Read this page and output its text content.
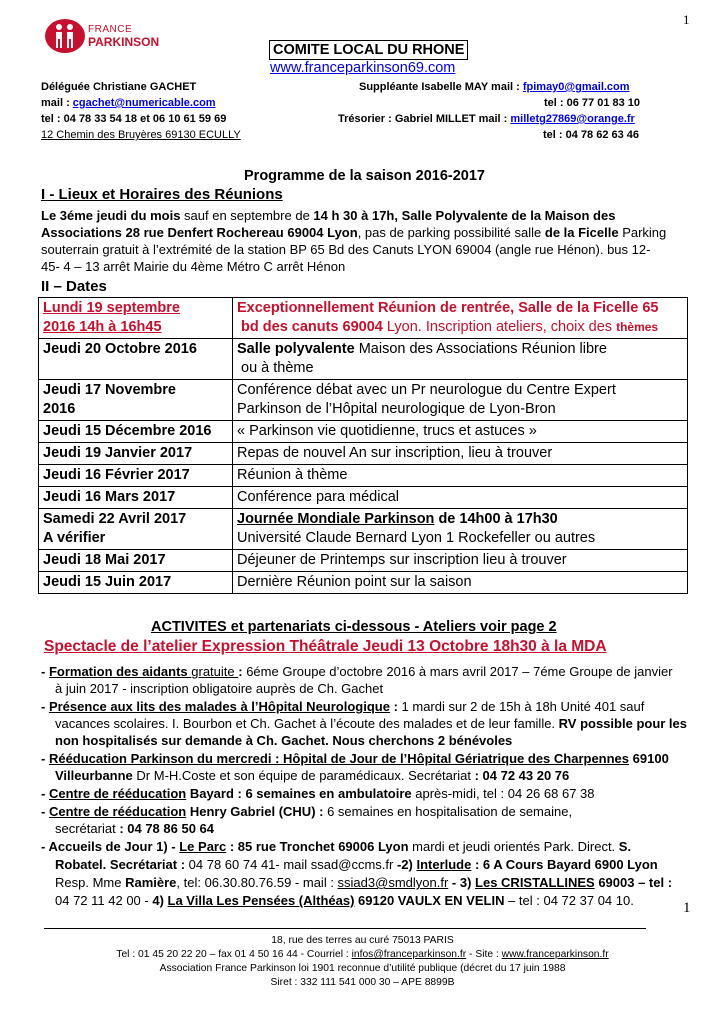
1
1
FRANCE
PARKINSON	COMITE LOCAL DU RHONE
www.franceparkinson69.com
Déléguée Christiane GACHET
mail : cgachet@numericable.com
tel : 04 78 33 54 18 et 06 10 61 59 69
12 Chemin des Bruyères 69130 ECULLY
Suppléante Isabelle MAY mail : fpimay0@gmail.com
tel : 06 77 01 83 10
Trésorier : Gabriel MILLET mail : milletg27869@orange.fr
tel : 04 78 62 63 46
Programme de la saison 2016-2017
I - Lieux et Horaires des Réunions
Le 3éme jeudi du mois sauf en septembre de 14 h 30 à 17h, Salle Polyvalente de la Maison des
Associations 28 rue Denfert Rochereau 69004 Lyon, pas de parking possibilité salle de la Ficelle Parking
souterrain gratuit à l’extrémité de la station BP 65 Bd des Canuts LYON 69004 (angle rue Hénon). bus 12-
45- 4 – 13 arrêt Mairie du 4ème Métro C arrêt Hénon
II – Dates
Lundi 19 septembre
2016 14h à 16h45	Exceptionnellement Réunion de rentrée, Salle de la Ficelle 65
bd des canuts 69004 Lyon. Inscription ateliers, choix des thèmes
Jeudi 20 Octobre 2016	Salle polyvalente Maison des Associations Réunion libre
ou à thème
Jeudi 17 Novembre
2016	Conférence débat avec un Pr neurologue du Centre Expert
Parkinson de l’Hôpital neurologique de Lyon-Bron
Jeudi 15 Décembre 2016	« Parkinson vie quotidienne, trucs et astuces »
Jeudi 19 Janvier 2017	Repas de nouvel An sur inscription, lieu à trouver
Jeudi 16 Février 2017	Réunion à thème
Jeudi 16 Mars 2017	Conférence para médical
Samedi 22 Avril 2017
A vérifier	Journée Mondiale Parkinson de 14h00 à 17h30
Université Claude Bernard Lyon 1 Rockefeller ou autres
Jeudi 18 Mai 2017	Déjeuner de Printemps sur inscription lieu à trouver
Jeudi 15 Juin 2017	Dernière Réunion point sur la saison
ACTIVITES et partenariats ci-dessous - Ateliers voir page 2
Spectacle de l’atelier Expression Théâtrale Jeudi 13 Octobre 18h30 à la MDA
- Formation des aidants gratuite : 6éme Groupe d’octobre 2016 à mars avril 2017 – 7éme Groupe de janvier
à juin 2017 - inscription obligatoire auprès de Ch. Gachet
- Présence aux lits des malades à l’Hôpital Neurologique : 1 mardi sur 2 de 15h à 18h Unité 401 sauf
vacances scolaires. I. Bourbon et Ch. Gachet à l’écoute des malades et de leur famille. RV possible pour les
non hospitalisés sur demande à Ch. Gachet. Nous cherchons 2 bénévoles
- Rééducation Parkinson du mercredi : Hôpital de Jour de l’Hôpital Gériatrique des Charpennes 69100
Villeurbanne Dr M-H.Coste et son équipe de paramédicaux. Secrétariat : 04 72 43 20 76
- Centre de rééducation Bayard : 6 semaines en ambulatoire après-midi, tel : 04 26 68 67 38
- Centre de rééducation Henry Gabriel (CHU) : 6 semaines en hospitalisation de semaine,
secrétariat : 04 78 86 50 64
- Accueils de Jour 1) - Le Parc : 85 rue Tronchet 69006 Lyon mardi et jeudi orientés Park. Direct. S.
Robatel. Secrétariat : 04 78 60 74 41- mail ssad@ccms.fr -2) Interlude : 6 A Cours Bayard 6900 Lyon
Resp. Mme Ramière, tel: 06.30.80.76.59 - mail : ssiad3@smdlyon.fr - 3) Les CRISTALLINES 69003 – tel :
04 72 11 42 00 - 4) La Villa Les Pensées (Althéas) 69120 VAULX EN VELIN – tel : 04 72 37 04 10.
18, rue des terres au curé 75013 PARIS
Tel : 01 45 20 22 20 – fax 01 4 50 16 44 - Courriel : infos@franceparkinson.fr - Site : www.franceparkinson.fr
Association France Parkinson loi 1901 reconnue d’utilité publique (décret du 17 juin 1988
Siret : 332 111 541 000 30 – APE 8899B
